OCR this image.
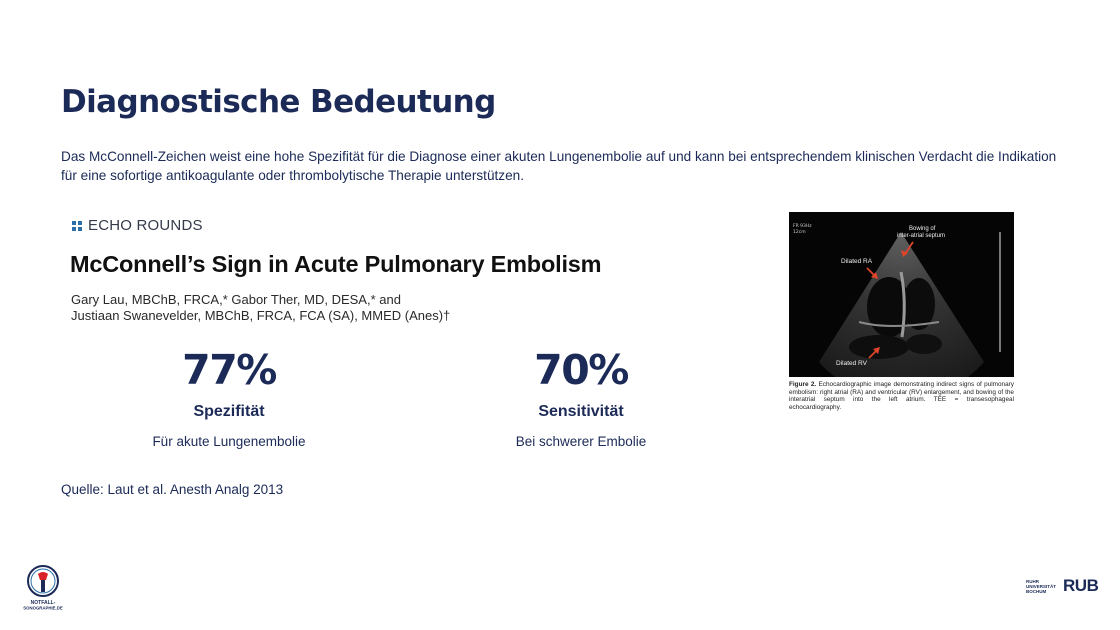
Diagnostische Bedeutung

Das McConnell-Zeichen weist eine hohe Spezifität für die Diagnose einer akuten Lungenembolie auf und kann bei entsprechendem klinischen Verdacht die Indikation für eine sofortige antikoagulante oder thrombolytische Therapie unterstützen.

ECHO ROUNDS
McConnell’s Sign in Acute Pulmonary Embolism
Gary Lau, MBChB, FRCA,* Gabor Ther, MD, DESA,* and
Justiaan Swanevelder, MBChB, FRCA, FCA (SA), MMED (Anes)†
77%
Spezifität
Für akute Lungenembolie
70%
Sensitivität
Bei schwerer Embolie
Quelle: Laut et al. Anesth Analg 2013
FR 93Hz
12cm
Bowing of
inter-atrial septum
Dilated RA
Dilated RV
Figure 2. Echocardiographic image demonstrating indirect signs of pulmonary embolism: right atrial (RA) and ventricular (RV) enlargement, and bowing of the interatrial septum into the left atrium. TEE = transesophageal echocardiography.
NOTFALL-
SONOGRAPHIE.DE
RUHR
UNIVERSITÄT
BOCHUM RUB
